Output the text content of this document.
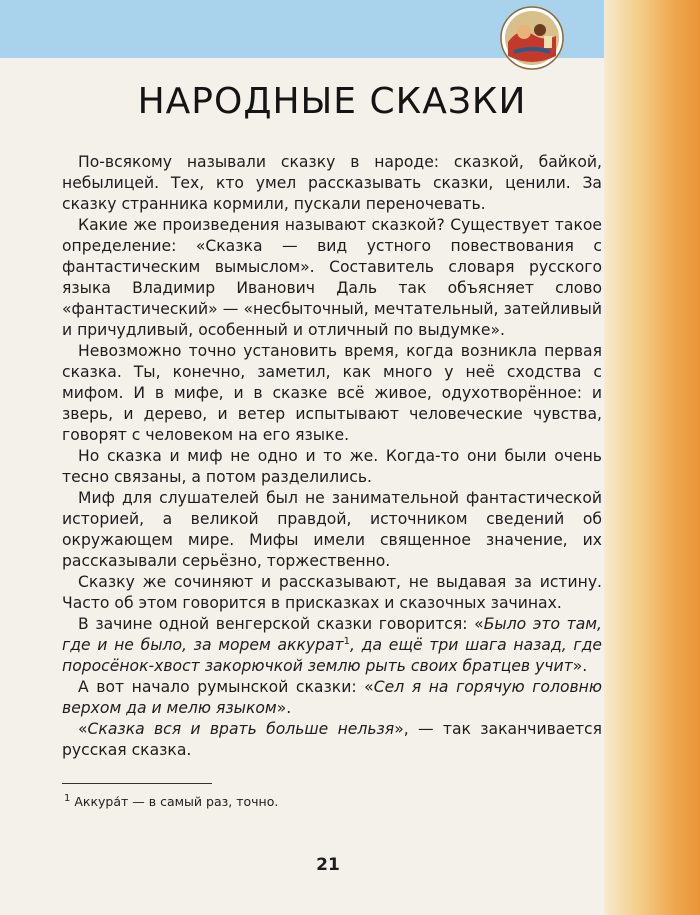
НАРОДНЫЕ СКАЗКИ

По-всякому называли сказку в народе: сказкой, байкой, небылицей. Тех, кто умел рассказывать сказки, ценили. За сказку странника кормили, пускали переночевать.

Какие же произведения называют сказкой? Существует такое определение: «Сказка — вид устного повествования с фантастическим вымыслом». Составитель словаря русского языка Владимир Иванович Даль так объясняет слово «фантастический» — «несбыточный, мечтательный, затейливый и причудливый, особенный и отличный по выдумке».

Невозможно точно установить время, когда возникла первая сказка. Ты, конечно, заметил, как много у неё сходства с мифом. И в мифе, и в сказке всё живое, одухотворённое: и зверь, и дерево, и ветер испытывают человеческие чувства, говорят с человеком на его языке.

Но сказка и миф не одно и то же. Когда-то они были очень тесно связаны, а потом разделились.

Миф для слушателей был не занимательной фантастической историей, а великой правдой, источником сведений об окружающем мире. Мифы имели священное значение, их рассказывали серьёзно, торжественно.

Сказку же сочиняют и рассказывают, не выдавая за истину. Часто об этом говорится в присказках и сказочных зачинах.

В зачине одной венгерской сказки говорится: «Было это там, где и не было, за морем аккурат$^1$, да ещё три шага назад, где поросёнок-хвост закорючкой землю рыть своих братцев учит».

А вот начало румынской сказки: «Сел я на горячую головню верхом да и мелю языком».

«Сказка вся и врать больше нельзя», — так заканчивается русская сказка.

$^1$ Аккура́т — в самый раз, точно.
21
